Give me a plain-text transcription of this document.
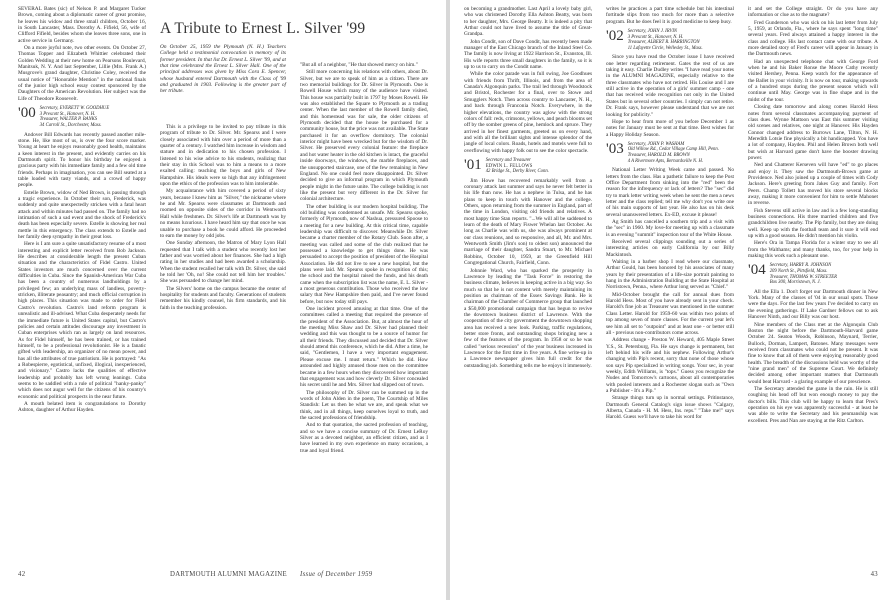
SEVERAL Bates (sic) of Nelson P. and Margaret Tucker Brown, coming about a diplomatic career of great promise, he leaves his widow and three small children, October 16, in South Lancaster, Mass. Dorothy A. Fifield, 56, wife of Clifford Fifield, besides whom she leaves three sons, one in active service in Germany.

On a more joyful note, two other events. On October 27, Thomas Topper and Elizabeth Whittier celebrated their Golden Wedding at their new home on Pearsons Boulevard, Manitsuk, N. Y. And last September, Lillie (Mrs. Frank A.) Musgrove's grand daughter, Christine Coley, received the usual notice of "Honorable Mention" in the national finals of the junior high school essay contest sponsored by the Daughters of the American Revolution. Her subject was the Life of Theodore Roosevelt.

'00 Secretary, EVERETT W. GOODHUE
3 Prescott St., Hanover, N. H.
Treasurer, WALTER P. BANKS
34 Carroll St., Dorchester, Mass.

Andover Bill Edwards has recently passed another mile-stone. He, like most of us, is over the four score marker. Young at heart he enjoys reasonably good health, maintains a keen interest in the present, and evidently carries on his Dartmouth spirit. To honor his birthday he enjoyed a gracious party with his immediate family and a few old time friends. Perhaps in imagination, you can see Bill seated at a table loaded with tasty viands, and a crowd of happy people.

Estelle Brown, widow of Ned Brown, is passing through a tragic experience. In October their son, Frederick, was suddenly and quite unexpectedly stricken with a fatal heart attack and within minutes had passed on. The family had no intimation of such a sad event and the shock of Frederick's death has been especially severe. Estelle is showing her real mettle in this emergency. The class extends to Estelle and her family deep sympathy in their great loss.

Here is I am sure a quite unsatisfactory resume of a most interesting and explicit letter received from Bob Jackson. He describes at considerable length the present Cuban situation and the characteristics of Fidel Castro. United States investors are much concerned over the current difficulties in Cuba. Since the Spanish-American War Cuba has been a country of numerous landholdings by a privileged few; an underlying mass of landless, poverty-stricken, illiterate peasantry; and much official corruption in high places. This situation was made to order for Fidel Castro's revolution. Castro's land reform program is unrealistic and ill-advised. What Cuba desperately needs for the immediate future is United States capital, but Castro's policies and certain attitudes discourage any investment in Cuban enterprises which ran as largely on land resources. As for Fidel himself, he has been trained, or has trained himself, to be a professional revolutionist. He is a fanatic gifted with leadership, an organizer of no mean power, and has all the attributes of true patriotism. He is portrayed: "As a Robespierre, egotistical, unfixed, illogical, inexperienced, and visionary." Castro lacks the qualities of effective leadership and probably has left wrong leanings. Cuba seems to be saddled with a rule of political "hanky-panky" which does not augur well for the citizens of his country's economic and political prospects in the near future.

A mouth belated item is congratulations to Dorothy Ashton, daughter of Arthur Hayden.

A Tribute to Ernest L. Silver '99
On October 25, 1959 the Plymouth (N. H.) Teachers College held a testimonial convocation in memory of its former president. In that list Dr. Ernest L. Silver '99, and at that time celebrated the Ernest L. Silver Hall. One of the principal addresses was given by Miss Cora E. Spencer, whose husband entered Dartmouth with the Class of '99 and graduated in 1903. Following is the greater part of her tribute.

This is a privilege to be invited to pay tribute in this program of tribute to Dr. Silver. Mr. Spearss and I were closely associated with him over a period of more than a quarter of a century. I watched him increase in wisdom and stature and in dedication to his chosen profession. I listened to his wise advice to his students, realizing that their stay in this School was to him a means to a more exalted calling: teaching the boys and girls of New Hampshire. His ideals were so high that any infringement upon the ethics of the profession was to him intolerable.

My acquaintance with him covered a period of sixty years, because I knew him as "Silver," the nickname where he and Mr. Spearss were classmates at Dartmouth and roomed on opposite sides of the corridor in Wentworth Hall while freshmen. Dr. Silver's life at Dartmouth was by no means luxurious. I have heard him say that once he was unable to purchase a book he could afford. He proceeded to earn the money by odd jobs.

One Sunday afternoon, the Matron of Mary Lyon Hall requested that I talk with a student who recently lost her father and was worried about her finances. She had a high rating in her studies and had been awarded a scholarship. When the student recalled her talk with Dr. Silver, she said he told her 'Oh, no! She could not tell him her troubles.' She was persuaded to change her mind.

The Silvers' home on the campus became the center of hospitality for students and faculty. Generations of students remember his kindly counsel, his firm standards, and his faith in the teaching profession.

"But all of a neighbor, "He that showed mercy on him."

Still more concerning his relations with others, about Dr. Silver, but we are to speak of him as a citizen. There are two memorial buildings for Dr. Silver in Plymouth. One is Rowell House which many of the audience have visited. This house was partially built in 1797 by Moses Rowell. He was also established the Square to Plymouth as a trading center. When the last member of the Rowell family died, and this homestead was for sale, the older citizens of Plymouth decided that the house be purchased for a community house, but the price was not available. The State purchased it for an overflow dormitory. The colonial interior might have been wrecked but for the wisdom of Dr. Silver. He preserved every colonial feature: the fireplace and hot water heater in the old kitchen is intact, the graceful inside doorways, the windows, the marble fireplaces, and the unsupported staircase, one of the few remaining in New England. No one could feel more disappointed. Dr. Silver decided to give an informal program in which Plymouth people might in the future unite. The college building is not like the present but very different in the Dr. Silver for colonial architecture.

The other building is our modern hospital building. The old building was condemned as unsafe. Mr. Spearss spoke, formerly of Plymouth, now of Nashua, pressured Spoose to a meeting for a new building. At this critical time, capable leadership was difficult to discover. Meanwhile Dr. Silver became a charter member of the Rotary Club. Soon after, a meeting was called and some of the club realized that he possessed a knowledge to get things done. He was persuaded to accept the position of president of the Hospital Association. He did not live to see a new hospital, but the plans were laid. Mr. Spearss spoke in recognition of this; the school and the hospital raised the funds, and his death came when the subscription list was the name, E. L. Silver - a most generous contribution. Those who received the low salary that New Hampshire then paid, and I've never found before, but now today still pays.

One incident proved amusing at that time. One of the committees called a meeting that required the presence of the president of the Association. But, at almost the hour of the meeting Miss Shaw and Dr. Silver had planned their wedding and this was thought to be a source of humor for all their friends. They discussed and decided that Dr. Silver should attend this conference, which he did. After a time, he said, "Gentlemen, I have a very important engagement. Please excuse me. I must return." Which he did. How astounded and highly amused those men on the committee became in a few hours when they discovered how important that engagement was and how cleverly Dr. Silver concealed his secret until he and Mrs. Silver had slipped out of town.

The philosophy of Dr. Silver can be summed up in the words of John Alden in the poem, The Courtship of Miles Standish: Let us then be what we are, and speak what we think, and in all things, keep ourselves loyal to truth, and the sacred professions of friendship.

And to that quotation, the sacred profession of teaching, and so we have a concise summary of Dr. Ernest LeRoy Silver as a devoted neighbor, an efficient citizen, and as I have learned in my own experience on many occasions, a true and loyal friend.

42

on becoming a grandmother. Last April a lovely baby girl, who was christened Dorothy Ella Ashton Beatty, was born to her daughter, Mrs. George Beatty. It is indeed a pity that Arthur could not have lived to assume the title of Great-Grandpa.

John Condit, son of Dave Condit, has recently been made manager of the East Chicago branch of the Inland Steel Co. The family is now living at 1922 Harrison St., Evanston, Ill. His wife reports three small daughters in the family, so it is up to us to carry on the Condit name.

While the color parade was in full swing, Joe Goodhues with friends from Thrift, Illinois, and from the area of Canada's Algonquin parks. The trail led through Woodstock and Bristol, Rochester for a final, over to Stowe and Smugglers Notch. Then across country to Lancaster, N. H., and back through Franconia Notch. Everywhere, in the higher elevations, the country was aglow with the strong colors of fall: reds, crimsons, yellows, and peach blooms set off by the somber greens of pine, hemlock and spruce. They arrived in her finest garments, greeted us on every hand, and with all the brilliant sights and intense splendor of the jangle of local colors. Roads, hotels and motels were full to overflowing with happy folk out to see the color spectacle.

'01 Secretary and Treasurer
EDWIN L. FELLOWS
42 Bridge St., Derby River, Conn.

Jim Howe has recovered remarkably well from a coronary attack last summer and says he never felt better in his life than now. He has a nephew in Tulsa, and he has plans to keep in touch with Hanover and the college. Others, upon returning from the summer in England, part of the time in London, visiting old friends and relatives. A most happy time Stan reports. "...We will all be saddened to learn of the death of Mary Fiswer Whelan last October. As long as Charlie was with us, she was always prominent at our class reunions, and so responsive, and all, Mr. and Mrs. Wentworth Smith (Jim's son) to oldest son) announced the marriage of their daughter, Sandra Stuart, to Mr. Michael Robbins, October 10, 1959, at the Greenfield Hill Congregational Church, Fairfield, Conn.

Johnnie Ward, who has sparked the prosperity in Lawrence by leading the "Task Force" in restoring the business climate, believes in keeping active in a big way. So much so that he is not content with merely maintaining its position as chairman of the Essex Savings Bank. He is chairman of the Chamber of Commerce group that launched a $50,000 promotional campaign that has begun to revive the downtown business district of Lawrence. With the cooperation of the city government the downtown shopping area has received a new look. Parking, traffic regulations, better store fronts, and outstanding shops bringing new a few of the features of the program. In 1958 or so he was called "serious recession" of the year business increased in Lawrence for the first time in five years. A fine write-up in a Lawrence newspaper gives him full credit for the outstanding job. Something tells me he enjoys it immensely.

writes he practices a part time schedule but his intestinal fortitude slips from too much for more than a selective program. But he does feel it is good medicine to keep busy.

'02 Secretary, JOHN J. IRVIN
3 Prescott St., Hanover, N. H.
Treasurer, ALBERT R. HARRINGTON
11 Lafayette Circle, Wellesley St., Mass.

Since you have read the October issue I have received one letter regarding retirement. Gates the rest of us are taking it easy. Charlie Dudley writes "I have read your notes in the ALUMNI MAGAZINE, especially relative to the three classmates who have not retired. His Louise and I are still active in the operation of a girls' summer camp - one that has received wide recognition not only in the United States but in several other countries. I simply can not retire. Dr. Frank says, however please understand that we are not looking for publicity."

Hope to hear from more of you before December 1 as notes for January must be sent at that time. Best wishes for a Happy Holiday Season.

'03 Secretary, JOHN P. WASHAM
Old Willow Rd., Cedar Village Camp Hill, Penn.
Treasurer, HAROLD M. BROWN
4 A Rivermore Apts, Bernardsville N. H.

National Letter Writing Week came and passed. No letters from the class. Has a pathetic failure to keep the Post Office Department from sinking into the "red" been the reason for the infrequency or lack of letters? The "sec" did try to mark letter writing week when he sent the men a news letter and the class replied; tell me why don't you write one of his main supports of last year. He also has on his desk several unanswered letters. Ex-ED, excuse it please!

Ag Smith has cancelled a southern trip and a visit with the "sec" in 1960. My love-for meeting up with a classmate is an evening "summit" inspection tour of the White House.

Received several clippings sounding out a series of interesting articles on early California by our Billy Mackintosh.

Waiting in a barber shop I read where our classmate, Arthur Gould, has been honored by his associates of many years by their presentation of a life-size portrait painting to hang in the Administration Building at the State Hospital at Norristown, Penna., where Arthur long served as "Chief."

Mid-October brought the call for annual dues from Harold Hess. Most of you have already sent in your check. Harold's fine job as Treasurer was mentioned in the summer Class Letter. Harold for 1959-60 was within two points of top among seven of more classes. For the current year let's see him all set to "outpoint" and at least one - or better still all - previous non-contributors come across.

Address change - Preston W. Heward, 405 Maple Street Y.S., St. Petersburg, Fla. He says change is permanent, but left behind his wife and his nephew. Following Arthur's changing with Pip's recent, sorry that none of those whose son says Pip specialized in writing songs. Your sec, in your weekly, Edith Williams, is "tops." Guess you recognize the Nudes and Tomorrow's cartoons, about all contemporaries with pooled interests and a Rochester slogan such as "Own a Publisher - It's a Pip."

Strange things turn up in normal settings. Pritinstance, Dartmouth General Catalog's sign issue shows "Calgary, Alberta, Canada - H. M. Hess, Ins. reps." "Take me!" says Harold. Guess we'll have to take his word for

it and set the College straight. Or do you have any information or clue as to the magnate?

Fred Gunderson who was sick on his last letter from July 5, 1959, at Orlando, Fla., where he says spent "long time" several years. Fred always attained a happy interest in the class and college. His last contact came with our tribute. A more detailed story of Fred's career will appear in January in the Dartmouth news.

Had an unexpected telephone chat with George Ford when he and his Baker Ronse the Moore Cathy recently visited Hershey, Penna. Keep watch for the appearance of the Ballet in your vicinity. It is now on tour, making upwards of a hundred stops during the present season which will continue until May. George was in fine shape and in the midst of the tour.

Closing date tomorrow and along comes Harold Hess notes from several classmates accompanying payment of class dues. Wynne Mattoon was East this summer visiting old scenes and relatives, one night at Hanover. His Hayden Connor changed address to Burrows Lane, Tilton, N. H. Meredith Lotsie fine physically a bit handicapped. You have a lot of company, Hayden. Phil and Helen Brown both well but wish at Harvard game don't have the booster drawing power.

Ned and Chatterer Kerseven will have "ed" to go places and enjoy it. They saw the Dartmouth-Brown game at Providence. Ned also joined up a couple of times with Cody Jackson. Here's greeting from Jakes Guy and family. Fort Peers. Champ Tollett has moved his store several blocks away, making it more convenient for him to settle Mahonet in reverse.

Fish Stevens still active in law and is a few long-standing business connections. His three married children and five grandchildren live nearby. The Pip family, but they are doing well. Keep up with the football team and it sure it will end up with a good season. He didn't mention his violin.

Here's Ora in Tampa Florida for a winter stay to see all from the Walthams; and many thanks, too, for your help in making this work such a pleasant one.

'04 Secretary, HARRY R. JOHNSON
209 North St., Pittsfield, Mass.
Treasurer, THOMAS W. STREETER
Box 300, Morristown, N. J.

All the Ella 1. Don't forget our Dartmouth dinner in New York. Many of the classes of '04 in our usual spots. Those were the days. For the last few years I've decided to carry on the evening gatherings. If Lake Gardner fellows out to ask Hanover Ninth, and our Billy was our host.

Nine members of the Class met at the Algonquin Club Boston the night before the Dartmouth-Harvard game October 24. Seaton Woods, Robinson, Maynard, Terrier, Bullock, Dorman, Lampert, Batones. Many messages were received from classmates who could not be present. It was fine to know that all of them were enjoying reasonably good health. The breadth of the discussions held was worthy of the "nine grand men" of the Supreme Court. We definitely decided among other important matters that Dartmouth would beat Harvard - a glaring example of our prescience.

The Secretary attended the game in the rain. He is still coughing his head off but won enough money to pay the doctor's bills. This club will be happy to learn that Pres's operation on his eye was apparently successful - at least he was able to write the Secretary and his penmanship was excellent. Pres and Nan are staying at the Ritz Carlton.

43
DARTMOUTH ALUMNI MAGAZINE Issue of December 1959
